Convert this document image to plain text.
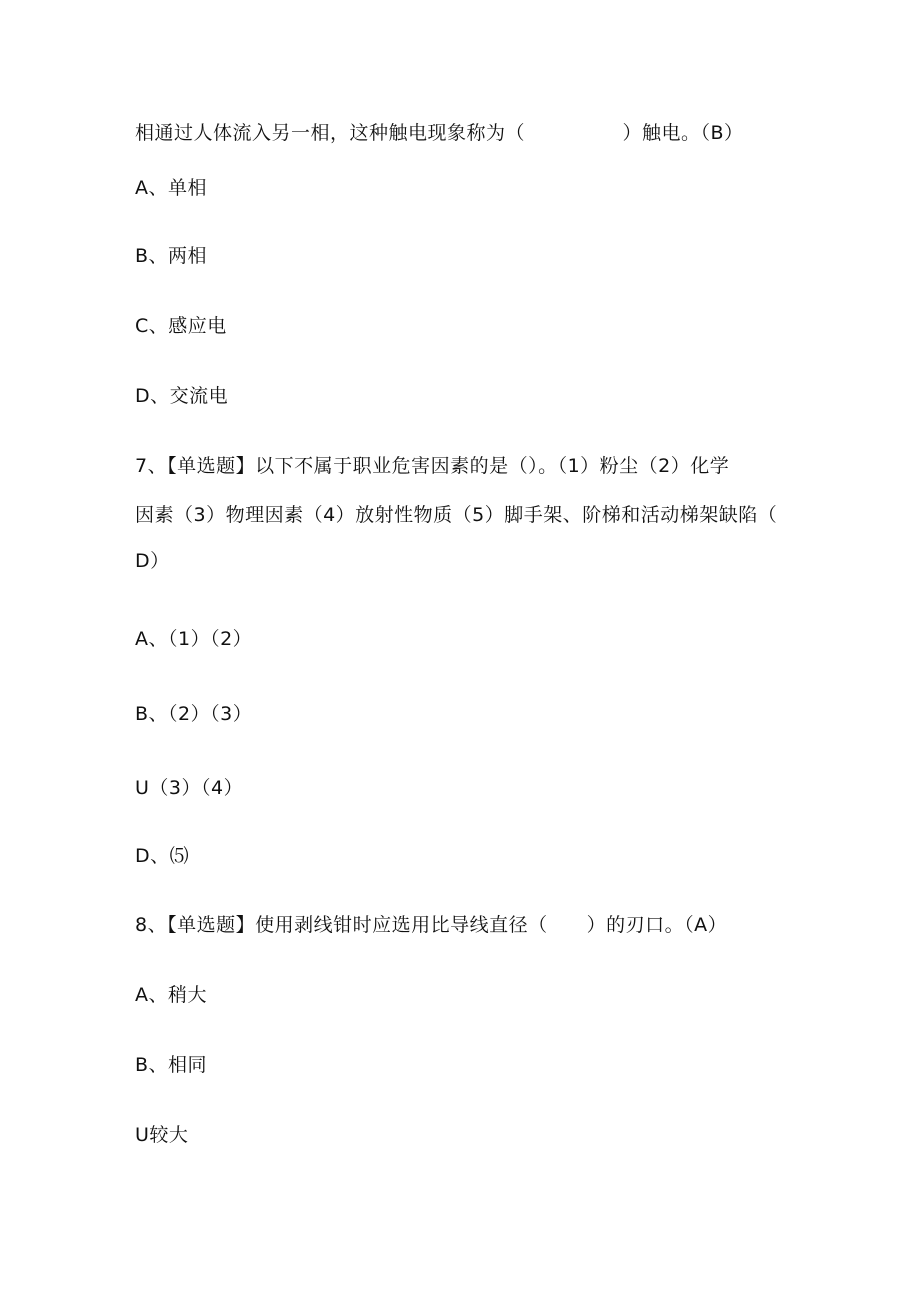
相通过人体流入另一相，这种触电现象称为（　　　　　）触电。（B）
A、单相
B、两相
C、感应电
D、交流电
7、【单选题】以下不属于职业危害因素的是（）。（1）粉尘（2）化学
因素（3）物理因素（4）放射性物质（5）脚手架、阶梯和活动梯架缺陷（
D）
A、（1）（2）
B、（2）（3）
U（3）（4）
D、⑸
8、【单选题】使用剥线钳时应选用比导线直径（　　）的刃口。（A）
A、稍大
B、相同
U较大
